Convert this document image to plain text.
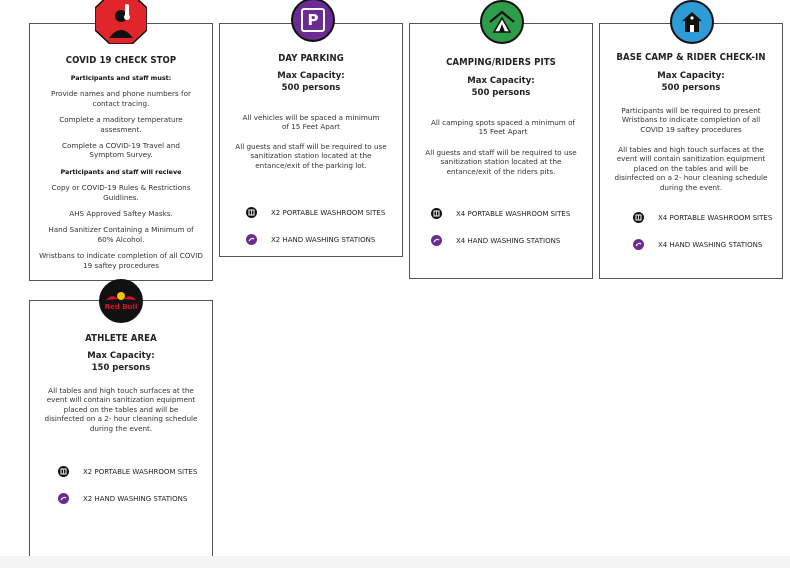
COVID 19 CHECK STOP
Participants and staff must:
Provide names and phone numbers for contact tracing.
Complete a maditory temperature assesment.
Complete a COVID-19 Travel and Symptom Survey.
Participants and staff will recieve
Copy or COVID-19 Rules & Restrictions Guidlines.
AHS Approved Saftey Masks.
Hand Sanitizer Containing a Minimum of 60% Alcohol.
Wristbans to indicate completion of all COVID 19 saftey procedures
DAY PARKING
Max Capacity:
500 persons
All vehicles will be spaced a minimum of 15 Feet Apart
All guests and staff will be required to use sanitization station located at the entance/exit of the parking lot.
X2 PORTABLE WASHROOM SITES
X2 HAND WASHING STATIONS
P
CAMPING/RIDERS PITS
Max Capacity:
500 persons
All camping spots spaced a minimum of 15 Feet Apart
All guests and staff will be required to use sanitization station located at the entance/exit of the riders pits.
X4 PORTABLE WASHROOM SITES
X4 HAND WASHING STATIONS
BASE CAMP & RIDER CHECK-IN
Max Capacity:
500 persons
Participants will be required to present Wristbans to indicate completion of all COVID 19 saftey procedures
All tables and high touch surfaces at the event will contain sanitization equipment placed on the tables and will be disinfected on a 2- hour cleaning schedule during the event.
X4 PORTABLE WASHROOM SITES
X4 HAND WASHING STATIONS
ATHLETE AREA
Max Capacity:
150 persons
All tables and high touch surfaces at the event will contain sanitization equipment placed on the tables and will be disinfected on a 2- hour cleaning schedule during the event.
X2 PORTABLE WASHROOM SITES
X2 HAND WASHING STATIONS
Red Bull
